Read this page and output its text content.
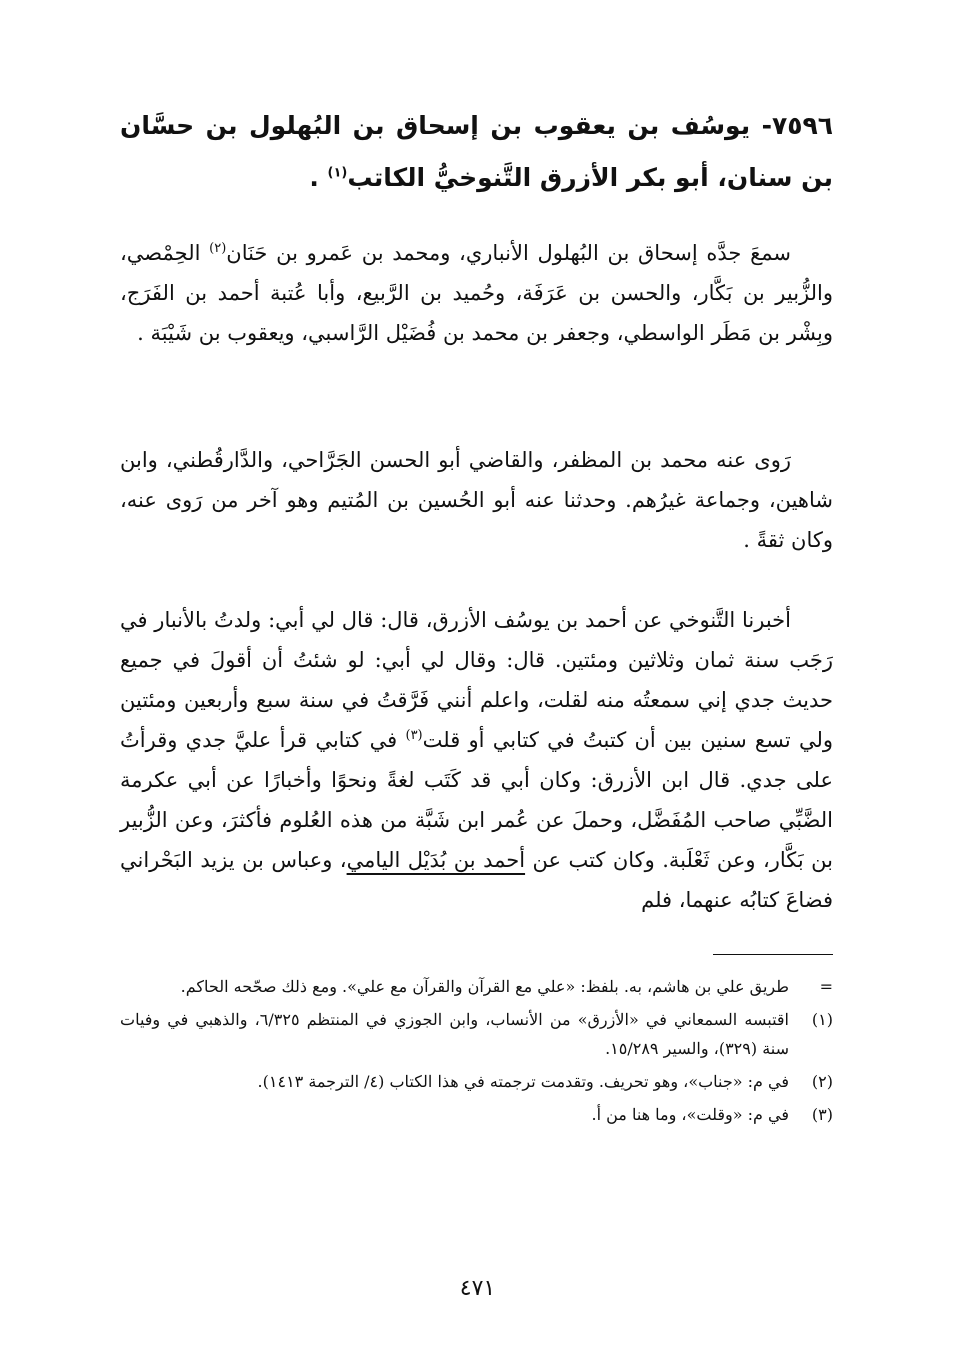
٧٥٩٦- يوسُف بن يعقوب بن إسحاق بن البُهلول بن حسَّان بن سنان، أبو بكر الأزرق التَّنوخيُّ الكاتب$^{(١)}$ .
سمعَ جدَّه إسحاق بن البُهلول الأنباري، ومحمد بن عَمرو بن حَنَان$^{(٢)}$ الحِمْصي، والزُّبير بن بَكَّار، والحسن بن عَرَفَة، وحُميد بن الرَّبيع، وأبا عُتبة أحمد بن الفَرَج، وبِشْر بن مَطَر الواسطي، وجعفر بن محمد بن فُضَيْل الرَّاسبي، ويعقوب بن شَيْبَة .
رَوى عنه محمد بن المظفر، والقاضي أبو الحسن الجَرَّاحي، والدَّارقُطني، وابن شاهين، وجماعة غيرُهم. وحدثنا عنه أبو الحُسين بن المُتيم وهو آخر من رَوى عنه، وكان ثقةً .
أخبرنا التَّنوخي عن أحمد بن يوسُف الأزرق، قال: قال لي أبي: ولدتُ بالأنبار في رَجَب سنة ثمان وثلاثين ومئتين. قال: وقال لي أبي: لو شئتُ أن أقولَ في جميع حديث جدي إني سمعتُه منه لقلت، واعلم أنني فَرَّقتُ في سنة سبع وأربعين ومئتين ولي تسع سنين بين أن كتبتُ في كتابي أو قلت$^{(٣)}$ في كتابي قرأ عليَّ جدي وقرأتُ على جدي. قال ابن الأزرق: وكان أبي قد كَتَب لغةً ونحوًا وأخبارًا عن أبي عكرمة الضَّبِّي صاحب المُفَضَّل، وحملَ عن عُمر ابن شَبَّة من هذه العُلوم فأكثرَ، وعن الزُّبير بن بَكَّار، وعن ثَعْلَبة. وكان كتب عن أحمد بن بُدَيْل اليامي، وعباس بن يزيد البَحْراني فضاعَ كتابُه عنهما، فلم
=
طريق علي بن هاشم، به. بلفظ: «علي مع القرآن والقرآن مع علي». ومع ذلك صحّحه الحاكم.
(١)
اقتبسه السمعاني في «الأزرق» من الأنساب، وابن الجوزي في المنتظم ٦/٣٢٥، والذهبي في وفيات سنة (٣٢٩)، والسير ١٥/٢٨٩.
(٢)
في م: «جناب»، وهو تحريف. وتقدمت ترجمته في هذا الكتاب (٤/ الترجمة ١٤١٣).
(٣)
في م: «وقلت»، وما هنا من أ.
٤٧١
